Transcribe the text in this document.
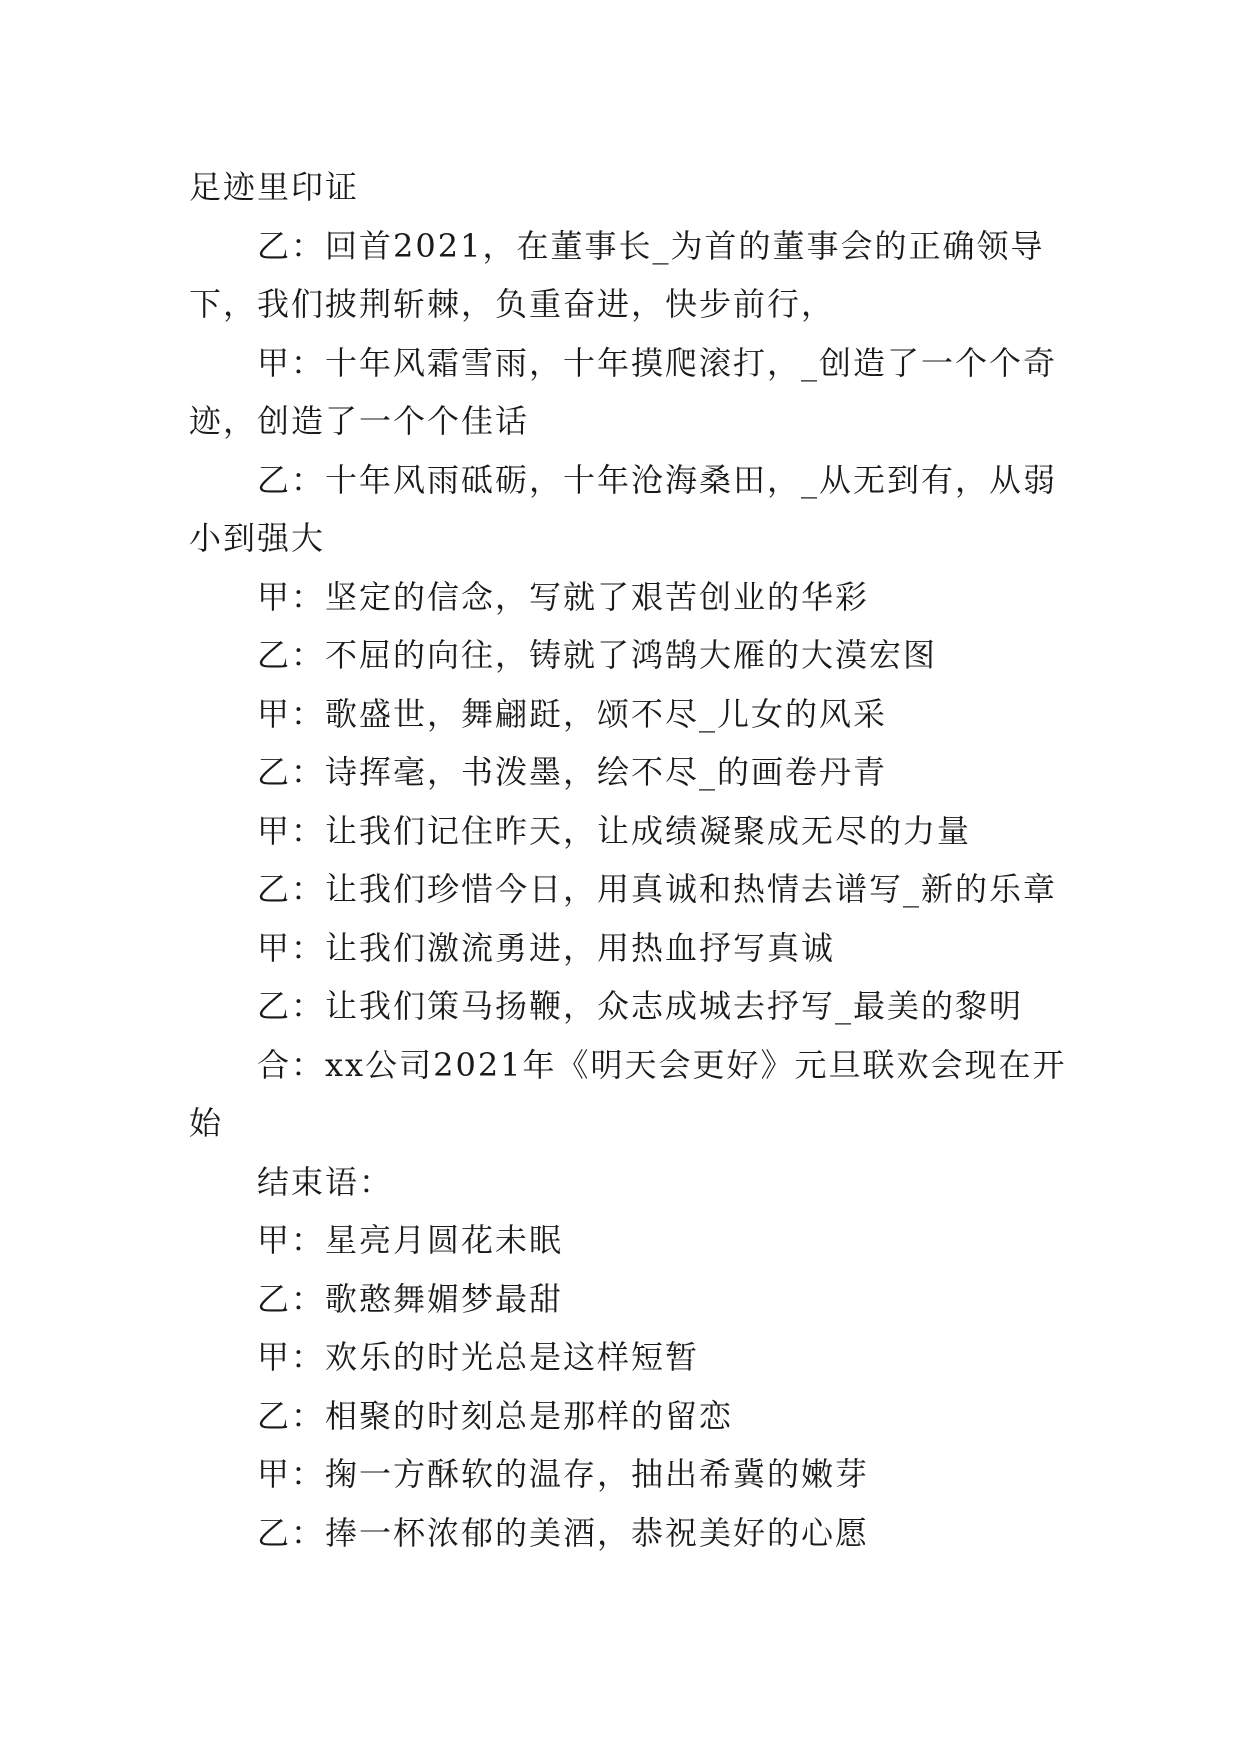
足迹里印证

乙：回首2021，在董事长_为首的董事会的正确领导下，我们披荆斩棘，负重奋进，快步前行，

甲：十年风霜雪雨，十年摸爬滚打，_创造了一个个奇迹，创造了一个个佳话

乙：十年风雨砥砺，十年沧海桑田，_从无到有，从弱小到强大

甲：坚定的信念，写就了艰苦创业的华彩

乙：不屈的向往，铸就了鸿鹄大雁的大漠宏图

甲：歌盛世，舞翩跹，颂不尽_儿女的风采

乙：诗挥毫，书泼墨，绘不尽_的画卷丹青

甲：让我们记住昨天，让成绩凝聚成无尽的力量

乙：让我们珍惜今日，用真诚和热情去谱写_新的乐章

甲：让我们激流勇进，用热血抒写真诚

乙：让我们策马扬鞭，众志成城去抒写_最美的黎明

合：xx公司2021年《明天会更好》元旦联欢会现在开始

结束语：

甲：星亮月圆花未眠

乙：歌憨舞媚梦最甜

甲：欢乐的时光总是这样短暂

乙：相聚的时刻总是那样的留恋

甲：掬一方酥软的温存，抽出希冀的嫩芽

乙：捧一杯浓郁的美酒，恭祝美好的心愿
